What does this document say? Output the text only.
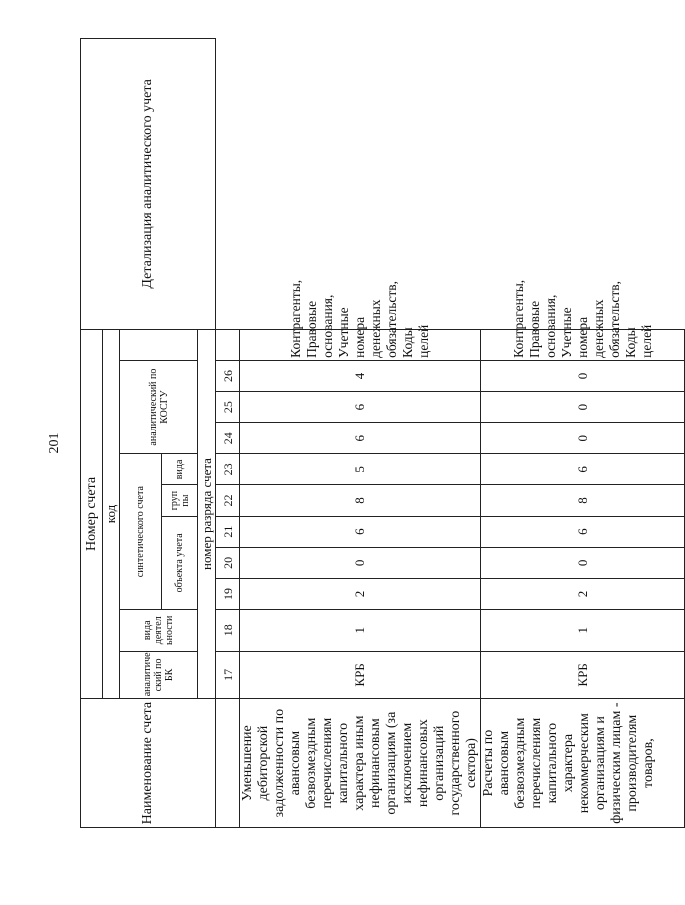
201
Наименование счета	Номер счета											Детализация аналитического учета
	код											
	аналитиче ский по БК	вида деятел ьности	синтетического счета					аналитический по КОСГУ				
			объекта учета			груп пы	вида					
	номер разряда счета											
	17	18	19	20	21	22	23	24	25	26		
Уменьшение дебиторской задолженности по авансовым безвозмездным перечислениям капитального характера иным нефинансовым организациям (за исключением нефинансовых организаций государственного сектора)	КРБ	1	2	0	6	8	5	6	6	4	Контрагенты, Правовые основания, Учетные номера денежных обязательств, Коды целей	
Расчеты по авансовым безвозмездным перечислениям капитального характера некоммерческим организациям и физическим лицам - производителям товаров,	КРБ	1	2	0	6	8	6	0	0	0	Контрагенты, Правовые основания, Учетные номера денежных обязательств, Коды целей	
